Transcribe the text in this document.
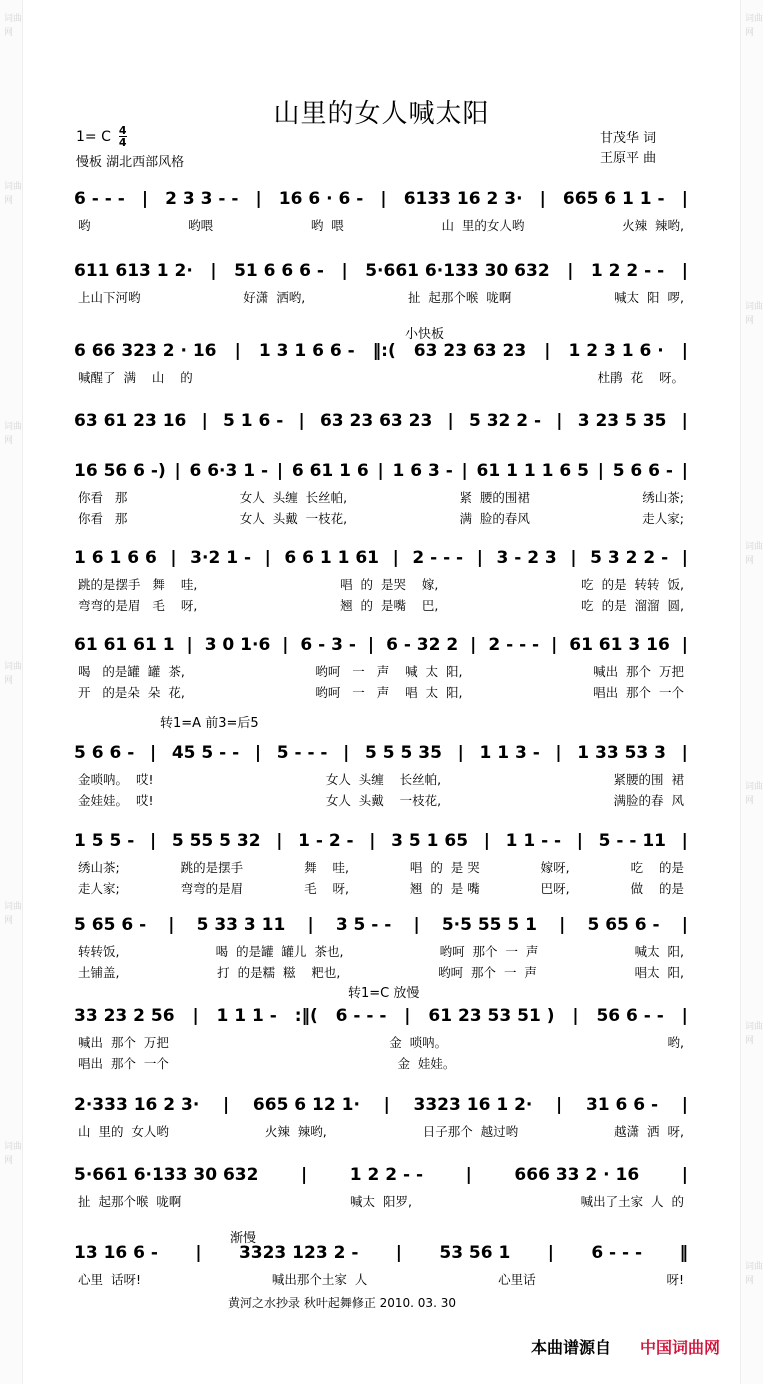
词曲网
词曲网
词曲网
词曲网
词曲网
词曲网
词曲网
词曲网
词曲网
词曲网
词曲网
词曲网
山里的女人喊太阳
1= C $\frac{4}{4}$
慢板 湖北西部风格
甘茂华 词
王原平 曲
小快板
转1=A 前3=后5
转1=C 放慢
渐慢
6 - - - | 2 3 3 - - | 16 6 · 6 - | 6133 16 2 3· | 665 6 1 1 - |
哟	哟喂	哟  喂	山  里的女人哟	火辣  辣哟,
611 613 1 2· | 51 6 6 6 - | 5·661 6·133 30 632 | 1 2 2 - - |
上山下河哟	好潇  洒哟,	扯  起那个喉  咙啊	喊太  阳  啰,
6 66 323 2 · 16 | 1 3 1 6 6 - ‖:( 63 23 63 23 | 1 2 3 1 6 · |
喊醒了  满    山    的	杜鹃  花    呀。
63 61 23 16 | 5 1 6 - | 63 23 63 23 | 5 32 2 - | 3 23 5 35 |
16 56 6 -) | 6 6·3 1 - | 6 61 1 6 | 1 6 3 - | 61 1 1 1 6 5 | 5 6 6 - |
你看   那	女人  头缠  长丝帕,	紧  腰的围裙	绣山茶;
你看   那	女人  头戴  一枝花,	满  脸的春风	走人家;
1 6 1 6 6 | 3·2 1 - | 6 6 1 1 61 | 2 - - - | 3 - 2 3 | 5 3 2 2 - |
跳的是摆手   舞    哇,	唱  的  是哭    嫁,	吃  的是  转转  饭,
弯弯的是眉   毛    呀,	翘  的  是嘴    巴,	吃  的是  溜溜  圆,
61 61 61 1 | 3 0 1·6 | 6 - 3 - | 6 - 32 2 | 2 - - - | 61 61 3 16 |
喝   的是罐  罐  茶,	哟呵   一   声    喊  太  阳,	喊出  那个  万把
开   的是朵  朵  花,	哟呵   一   声    唱  太  阳,	唱出  那个  一个
5 6 6 - | 45 5 - - | 5 - - - | 5 5 5 35 | 1 1 3 - | 1 33 53 3 |
金唢呐。  哎!	女人  头缠    长丝帕,	紧腰的围  裙
金娃娃。  哎!	女人  头戴    一枝花,	满脸的春  风
1 5 5 - | 5 55 5 32 | 1 - 2 - | 3 5 1 65 | 1 1 - - | 5 - - 11 |
绣山茶;	跳的是摆手	舞    哇,	唱  的  是 哭	嫁呀,	吃    的是
走人家;	弯弯的是眉	毛    呀,	翘  的  是 嘴	巴呀,	做    的是
5 65 6 - | 5 33 3 11 | 3 5 - - | 5·5 55 5 1 | 5 65 6 - |
转转饭,	喝  的是罐  罐儿  茶也,	哟呵  那个  一  声	喊太  阳,
土铺盖,	打  的是糯  糍    粑也,	哟呵  那个  一  声	唱太  阳,
33 23 2 56 | 1 1 1 - :‖( 6 - - - | 61 23 53 51 ) | 56 6 - - |
喊出  那个  万把	金  唢呐。	哟,
唱出  那个  一个	金  娃娃。
2·333 16 2 3· | 665 6 12 1· | 3323 16 1 2· | 31 6 6 - |
山  里的  女人哟	火辣  辣哟,	日子那个  越过哟	越潇  洒  呀,
5·661 6·133 30 632	|	1 2 2 - -	|	666 33 2 · 16	|
扯  起那个喉  咙啊	喊太  阳罗,	喊出了土家  人  的
13 16 6 - | 3323 123 2 - | 53 56 1 | 6 - - - ‖
心里  话呀!	喊出那个土家  人	心里话	呀!
黄河之水抄录 秋叶起舞修正 2010. 03. 30
本曲谱源自 中国词曲网
